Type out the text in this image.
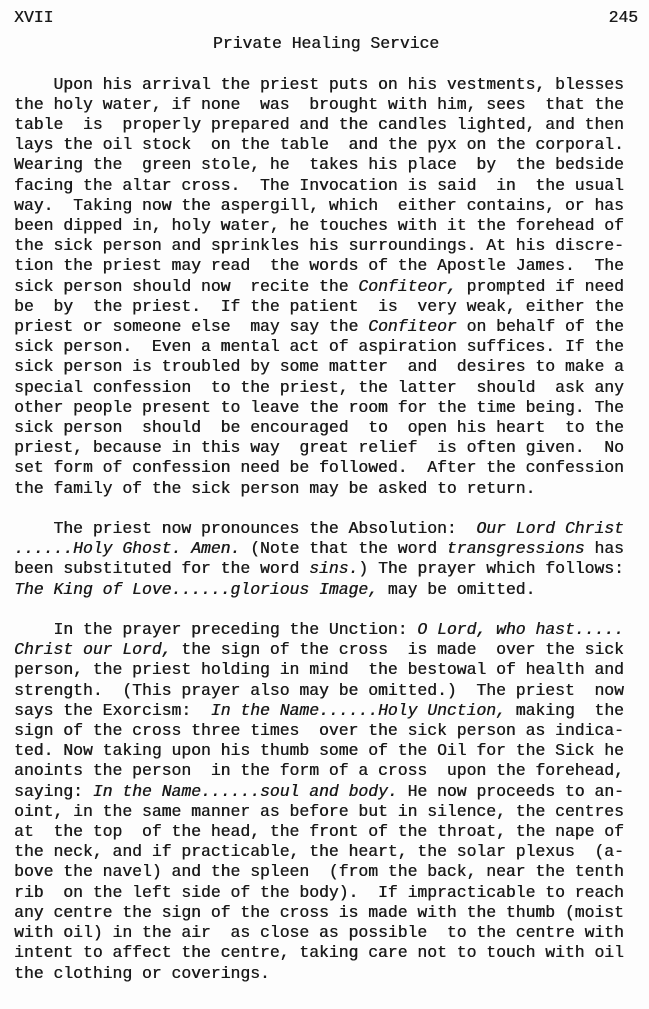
XVII	245
Private Healing Service

Upon his arrival the priest puts on his vestments, blesses
the holy water, if none  was  brought with him, sees  that the
table  is  properly prepared and the candles lighted, and then
lays the oil stock  on the table  and the pyx on the corporal.
Wearing the  green stole, he  takes his place  by  the bedside
facing the altar cross.  The Invocation is said  in  the usual
way.  Taking now the aspergill, which  either contains, or has
been dipped in, holy water, he touches with it the forehead of
the sick person and sprinkles his surroundings. At his discre-
tion the priest may read  the words of the Apostle James.  The
sick person should now  recite the Confiteor, prompted if need
be  by  the priest.  If the patient  is  very weak, either the
priest or someone else  may say the Confiteor on behalf of the
sick person.  Even a mental act of aspiration suffices. If the
sick person is troubled by some matter  and  desires to make a
special confession  to the priest, the latter  should  ask any
other people present to leave the room for the time being. The
sick person  should  be encouraged  to  open his heart  to the
priest, because in this way  great relief  is often given.  No
set form of confession need be followed.  After the confession
the family of the sick person may be asked to return.

The priest now pronounces the Absolution:  Our Lord Christ
......Holy Ghost. Amen. (Note that the word transgressions has
been substituted for the word sins.) The prayer which follows:
The King of Love......glorious Image, may be omitted.

In the prayer preceding the Unction: O Lord, who hast.....
Christ our Lord, the sign of the cross  is made  over the sick
person, the priest holding in mind  the bestowal of health and
strength.  (This prayer also may be omitted.)  The priest  now
says the Exorcism:  In the Name......Holy Unction, making  the
sign of the cross three times  over the sick person as indica-
ted. Now taking upon his thumb some of the Oil for the Sick he
anoints the person  in the form of a cross  upon the forehead,
saying: In the Name......soul and body. He now proceeds to an-
oint, in the same manner as before but in silence, the centres
at  the top  of the head, the front of the throat, the nape of
the neck, and if practicable, the heart, the solar plexus  (a-
bove the navel) and the spleen  (from the back, near the tenth
rib  on the left side of the body).  If impracticable to reach
any centre the sign of the cross is made with the thumb (moist
with oil) in the air  as close as possible  to the centre with
intent to affect the centre, taking care not to touch with oil
the clothing or coverings.
